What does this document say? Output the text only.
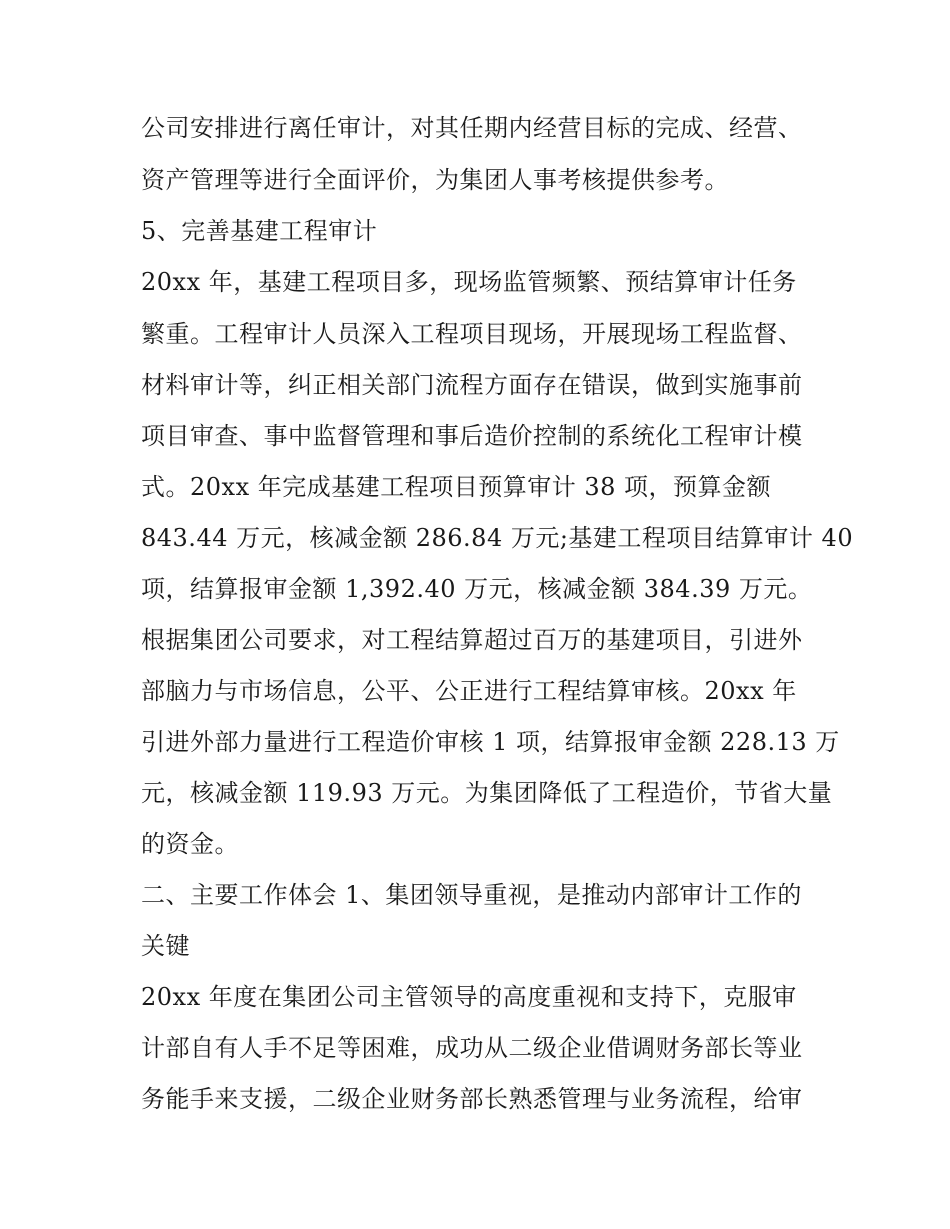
公司安排进行离任审计，对其任期内经营目标的完成、经营、
资产管理等进行全面评价，为集团人事考核提供参考。
5、完善基建工程审计
20xx 年，基建工程项目多，现场监管频繁、预结算审计任务
繁重。工程审计人员深入工程项目现场，开展现场工程监督、
材料审计等，纠正相关部门流程方面存在错误，做到实施事前
项目审查、事中监督管理和事后造价控制的系统化工程审计模
式。20xx 年完成基建工程项目预算审计 38 项，预算金额
843.44 万元，核减金额 286.84 万元;基建工程项目结算审计 40
项，结算报审金额 1,392.40 万元，核减金额 384.39 万元。
根据集团公司要求，对工程结算超过百万的基建项目，引进外
部脑力与市场信息，公平、公正进行工程结算审核。20xx 年
引进外部力量进行工程造价审核 1 项，结算报审金额 228.13 万
元，核减金额 119.93 万元。为集团降低了工程造价，节省大量
的资金。
二、主要工作体会 1、集团领导重视，是推动内部审计工作的
关键
20xx 年度在集团公司主管领导的高度重视和支持下，克服审
计部自有人手不足等困难，成功从二级企业借调财务部长等业
务能手来支援，二级企业财务部长熟悉管理与业务流程，给审
